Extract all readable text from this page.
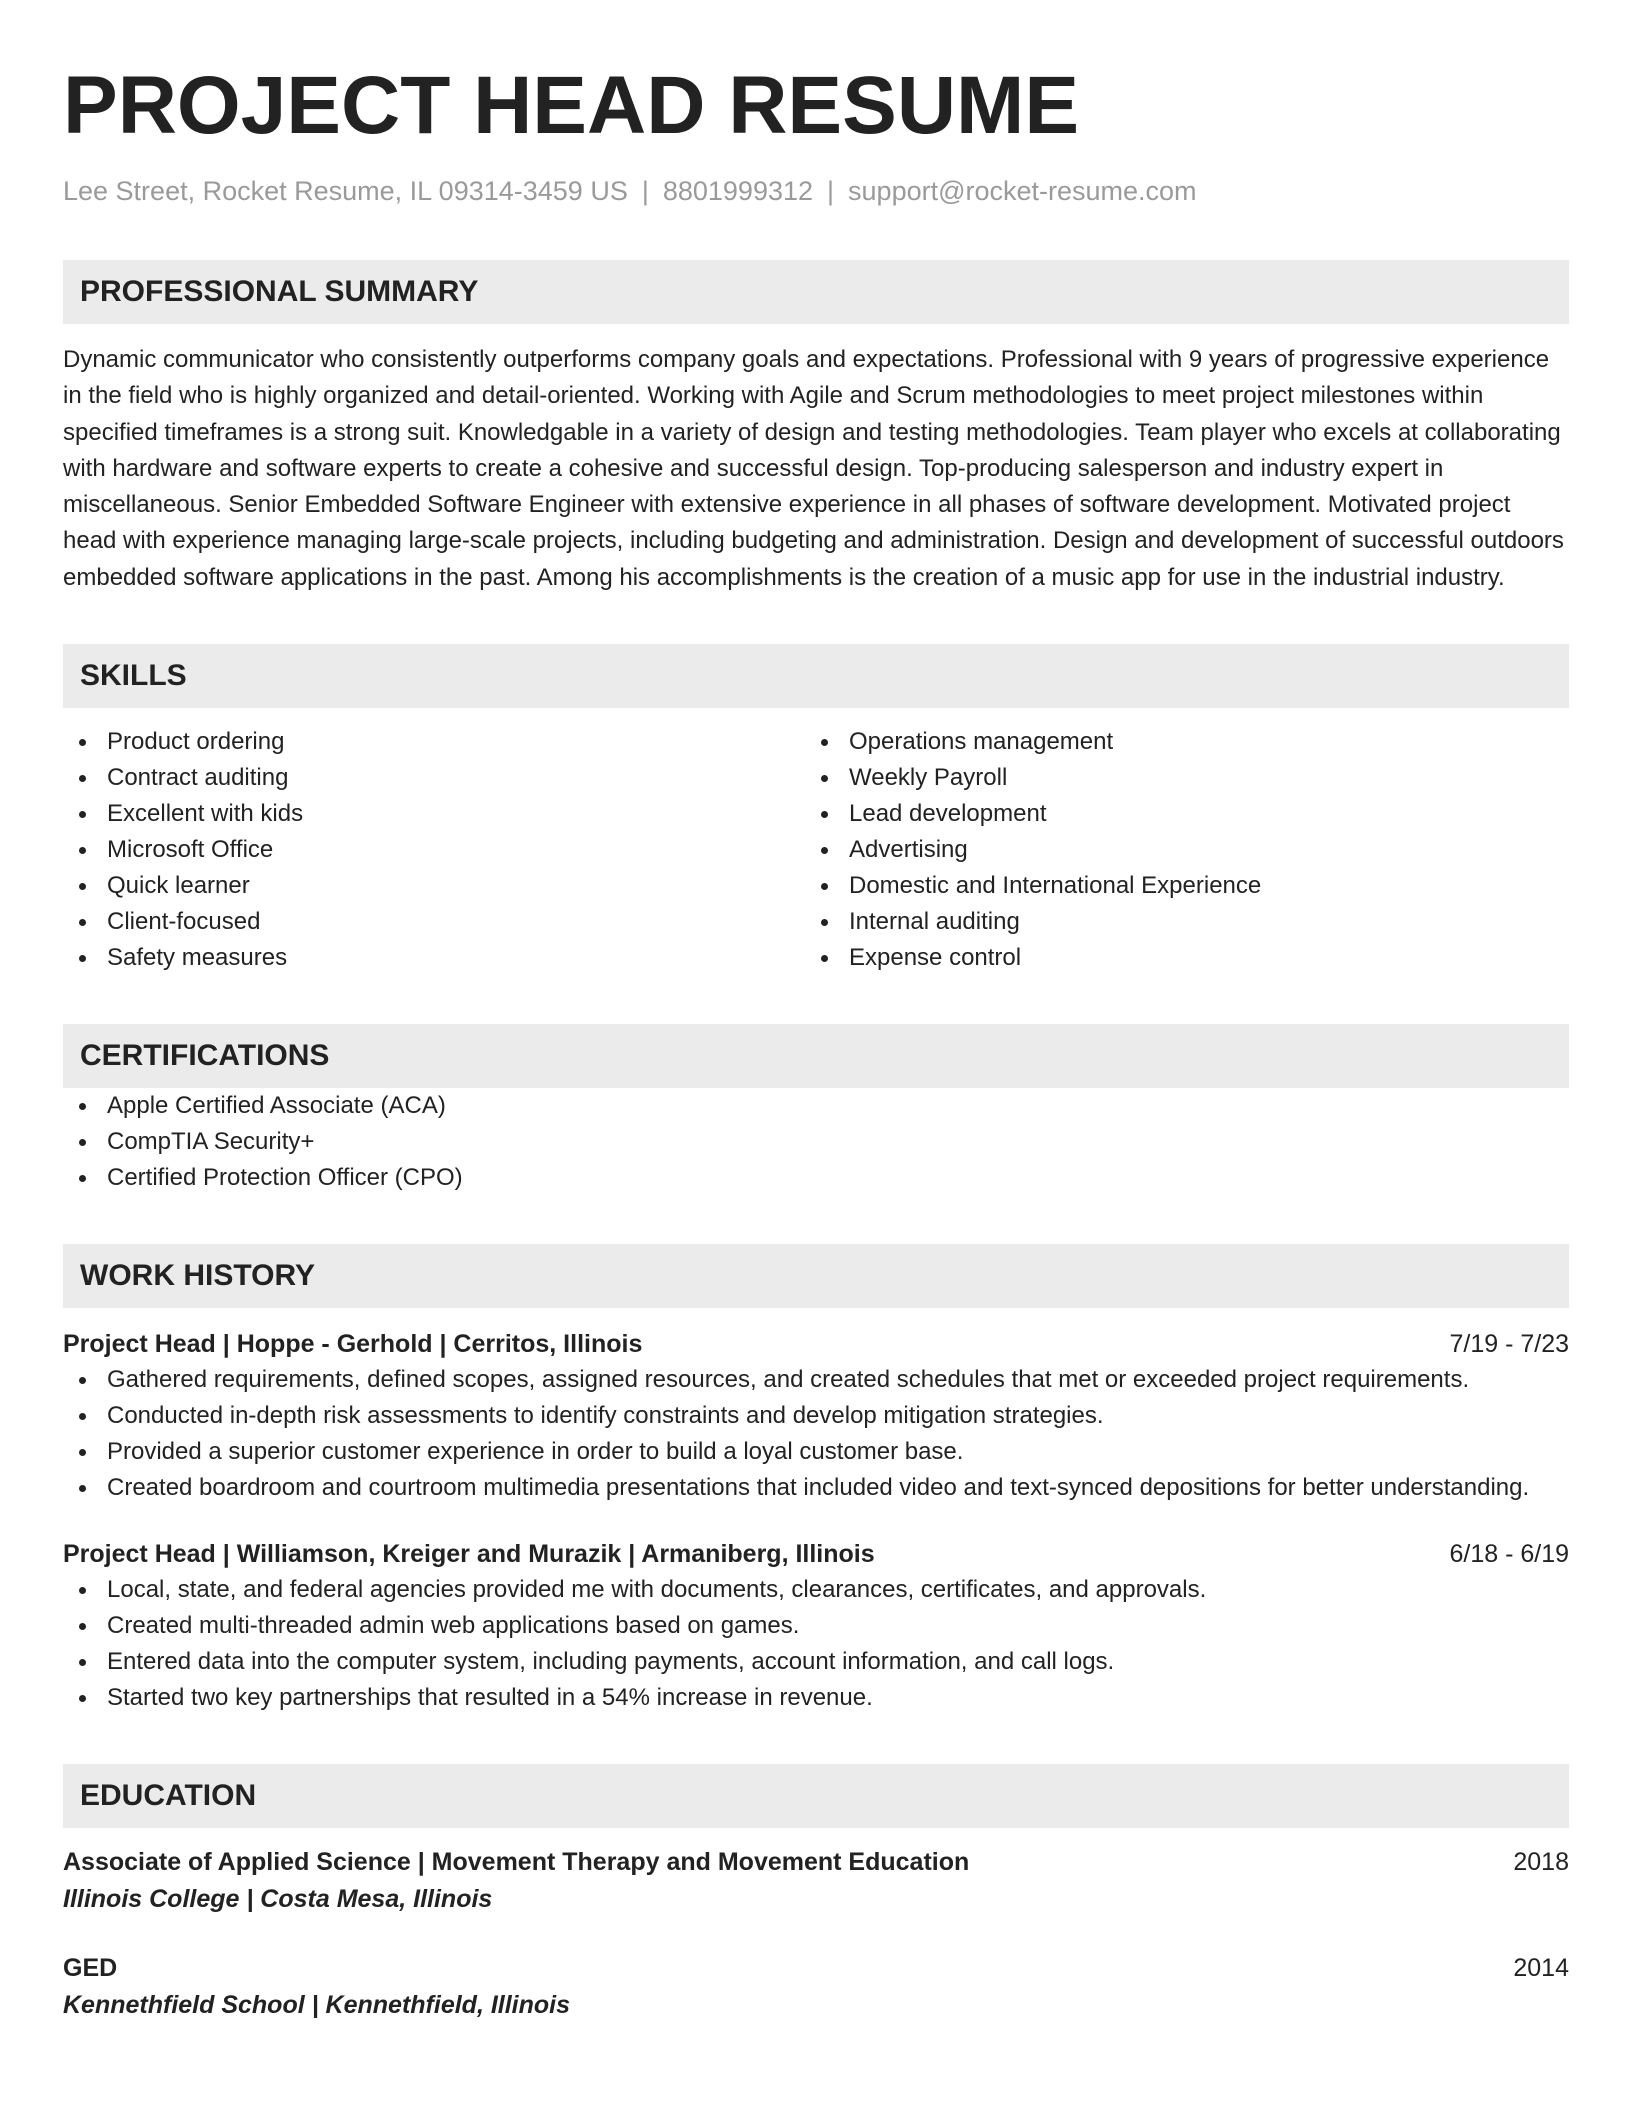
PROJECT HEAD RESUME
Lee Street, Rocket Resume, IL 09314-3459 US | 8801999312 | support@rocket-resume.com
PROFESSIONAL SUMMARY
Dynamic communicator who consistently outperforms company goals and expectations. Professional with 9 years of progressive experience in the field who is highly organized and detail-oriented. Working with Agile and Scrum methodologies to meet project milestones within specified timeframes is a strong suit. Knowledgable in a variety of design and testing methodologies. Team player who excels at collaborating with hardware and software experts to create a cohesive and successful design. Top-producing salesperson and industry expert in miscellaneous. Senior Embedded Software Engineer with extensive experience in all phases of software development. Motivated project head with experience managing large-scale projects, including budgeting and administration. Design and development of successful outdoors embedded software applications in the past. Among his accomplishments is the creation of a music app for use in the industrial industry.
SKILLS
Product ordering
Contract auditing
Excellent with kids
Microsoft Office
Quick learner
Client-focused
Safety measures
Operations management
Weekly Payroll
Lead development
Advertising
Domestic and International Experience
Internal auditing
Expense control
CERTIFICATIONS
Apple Certified Associate (ACA)
CompTIA Security+
Certified Protection Officer (CPO)
WORK HISTORY
Project Head | Hoppe - Gerhold | Cerritos, Illinois	7/19 - 7/23
Gathered requirements, defined scopes, assigned resources, and created schedules that met or exceeded project requirements.
Conducted in-depth risk assessments to identify constraints and develop mitigation strategies.
Provided a superior customer experience in order to build a loyal customer base.
Created boardroom and courtroom multimedia presentations that included video and text-synced depositions for better understanding.
Project Head | Williamson, Kreiger and Murazik | Armaniberg, Illinois	6/18 - 6/19
Local, state, and federal agencies provided me with documents, clearances, certificates, and approvals.
Created multi-threaded admin web applications based on games.
Entered data into the computer system, including payments, account information, and call logs.
Started two key partnerships that resulted in a 54% increase in revenue.
EDUCATION
Associate of Applied Science | Movement Therapy and Movement Education	2018
Illinois College | Costa Mesa, Illinois
GED	2014
Kennethfield School | Kennethfield, Illinois
